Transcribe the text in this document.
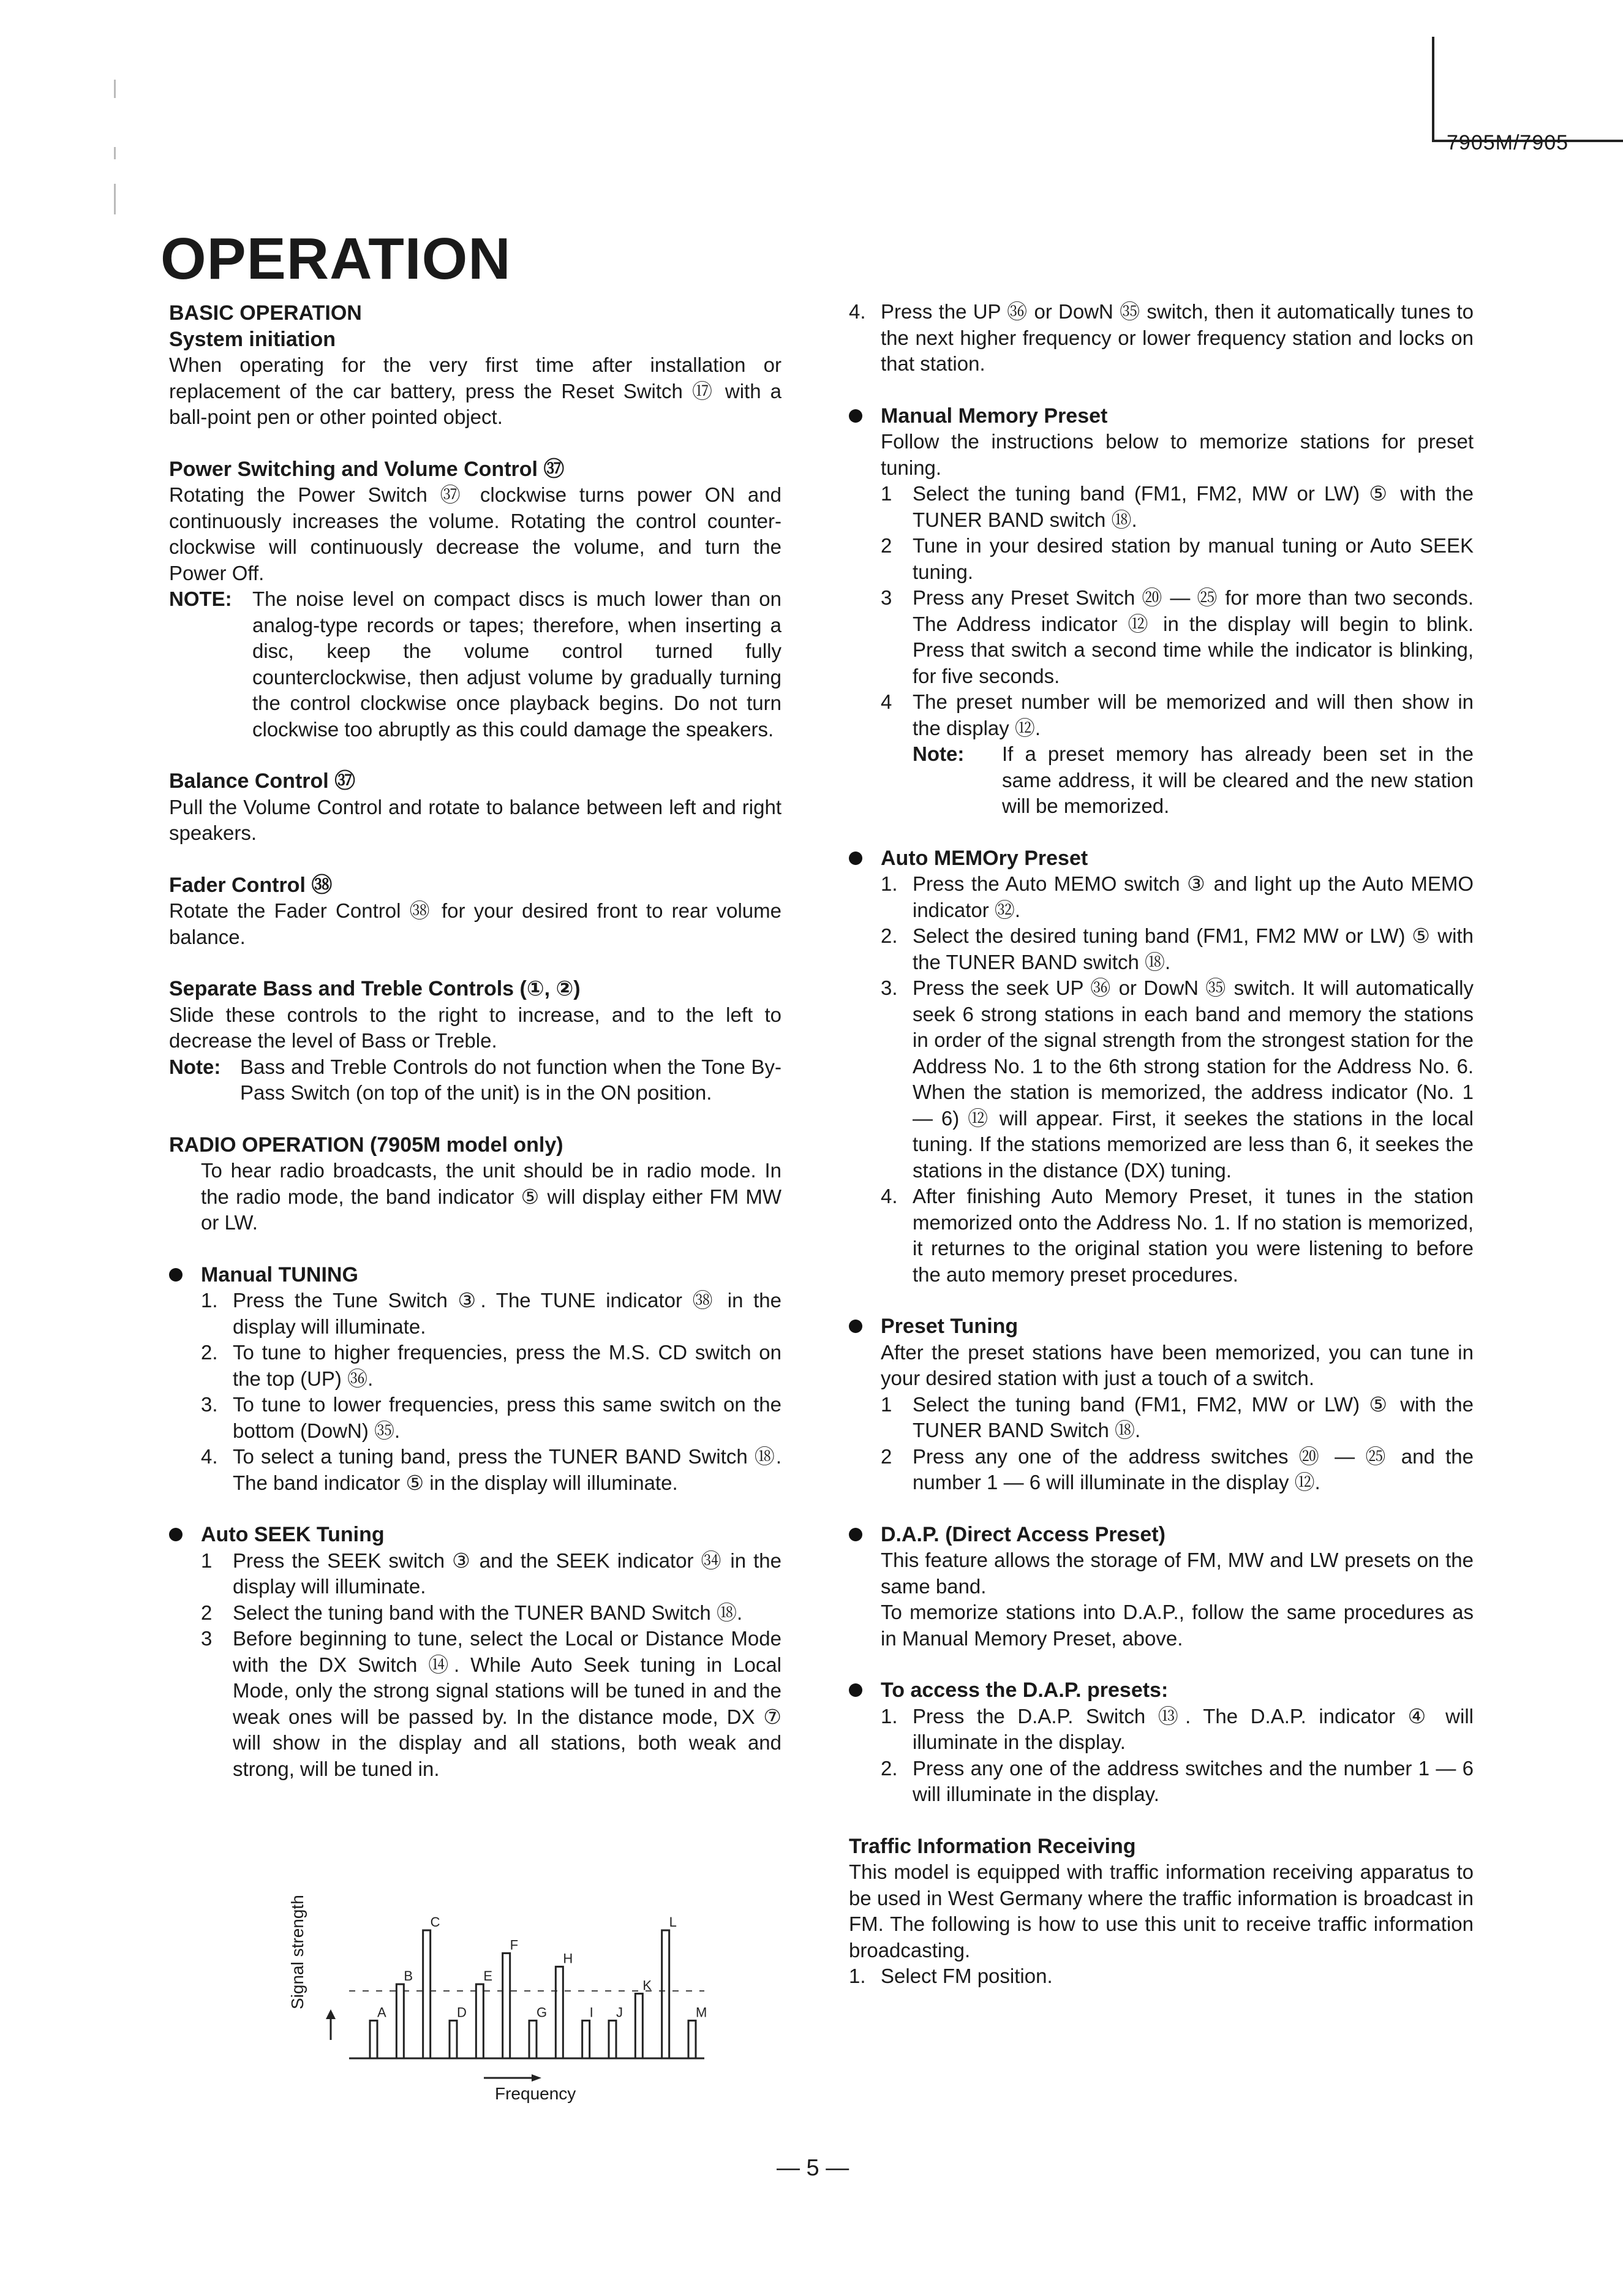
7905M/7905
OPERATION

BASIC OPERATION

System initiation

When operating for the very first time after installation or replacement of the car battery, press the Reset Switch ⑰ with a ball-point pen or other pointed object.

Power Switching and Volume Control ㊲

Rotating the Power Switch ㊲ clockwise turns power ON and continuously increases the volume. Rotating the control counter-clockwise will continuously decrease the volume, and turn the Power Off.

NOTE:	The noise level on compact discs is much lower than on analog-type records or tapes; therefore, when inserting a disc, keep the volume control turned fully counterclockwise, then adjust volume by gradually turning the control clockwise once playback begins. Do not turn clockwise too abruptly as this could damage the speakers.

Balance Control ㊲

Pull the Volume Control and rotate to balance between left and right speakers.

Fader Control ㊳

Rotate the Fader Control ㊳ for your desired front to rear volume balance.

Separate Bass and Treble Controls (①, ②)

Slide these controls to the right to increase, and to the left to decrease the level of Bass or Treble.

Note: Bass and Treble Controls do not function when the Tone By-Pass Switch (on top of the unit) is in the ON position.

RADIO OPERATION (7905M model only)

To hear radio broadcasts, the unit should be in radio mode. In the radio mode, the band indicator ⑤ will display either FM MW or LW.

Manual TUNING

1. Press the Tune Switch ③. The TUNE indicator ㊳ in the display will illuminate.
2. To tune to higher frequencies, press the M.S. CD switch on the top (UP) ㊱.
3. To tune to lower frequencies, press this same switch on the bottom (DowN) ㉟.
4. To select a tuning band, press the TUNER BAND Switch ⑱. The band indicator ⑤ in the display will illuminate.

Auto SEEK Tuning

1 Press the SEEK switch ③ and the SEEK indicator ㉞ in the display will illuminate.
2 Select the tuning band with the TUNER BAND Switch ⑱.
3 Before beginning to tune, select the Local or Distance Mode with the DX Switch ⑭. While Auto Seek tuning in Local Mode, only the strong signal stations will be tuned in and the weak ones will be passed by. In the distance mode, DX ⑦ will show in the display and all stations, both weak and strong, will be tuned in.
Signal strength
A
B
C
D
E
F
G
H
I J
K
L
M
Frequency
4. Press the UP ㊱ or DowN ㉟ switch, then it automatically tunes to the next higher frequency or lower frequency station and locks on that station.

Manual Memory Preset

Follow the instructions below to memorize stations for preset tuning.

1 Select the tuning band (FM1, FM2, MW or LW) ⑤ with the TUNER BAND switch ⑱.
2 Tune in your desired station by manual tuning or Auto SEEK tuning.
3 Press any Preset Switch ⑳ — ㉕ for more than two seconds. The Address indicator ⑫ in the display will begin to blink. Press that switch a second time while the indicator is blinking, for five seconds.
4 The preset number will be memorized and will then show in the display ⑫.
Note:	If a preset memory has already been set in the same address, it will be cleared and the new station will be memorized.

Auto MEMOry Preset

1. Press the Auto MEMO switch ③ and light up the Auto MEMO indicator ㉜.
2. Select the desired tuning band (FM1, FM2 MW or LW) ⑤ with the TUNER BAND switch ⑱.
3. Press the seek UP ㊱ or DowN ㉟ switch. It will automatically seek 6 strong stations in each band and memory the stations in order of the signal strength from the strongest station for the Address No. 1 to the 6th strong station for the Address No. 6. When the station is memorized, the address indicator (No. 1 — 6) ⑫ will appear. First, it seekes the stations in the local tuning. If the stations memorized are less than 6, it seekes the stations in the distance (DX) tuning.
4. After finishing Auto Memory Preset, it tunes in the station memorized onto the Address No. 1. If no station is memorized, it returnes to the original station you were listening to before the auto memory preset procedures.

Preset Tuning

After the preset stations have been memorized, you can tune in your desired station with just a touch of a switch.

1 Select the tuning band (FM1, FM2, MW or LW) ⑤ with the TUNER BAND Switch ⑱.
2 Press any one of the address switches ⑳ — ㉕ and the number 1 — 6 will illuminate in the display ⑫.

D.A.P. (Direct Access Preset)

This feature allows the storage of FM, MW and LW presets on the same band.

To memorize stations into D.A.P., follow the same procedures as in Manual Memory Preset, above.

To access the D.A.P. presets:

1. Press the D.A.P. Switch ⑬. The D.A.P. indicator ④ will illuminate in the display.
2. Press any one of the address switches and the number 1 — 6 will illuminate in the display.

Traffic Information Receiving

This model is equipped with traffic information receiving apparatus to be used in West Germany where the traffic information is broadcast in FM. The following is how to use this unit to receive traffic information broadcasting.

1. Select FM position.
— 5 —
